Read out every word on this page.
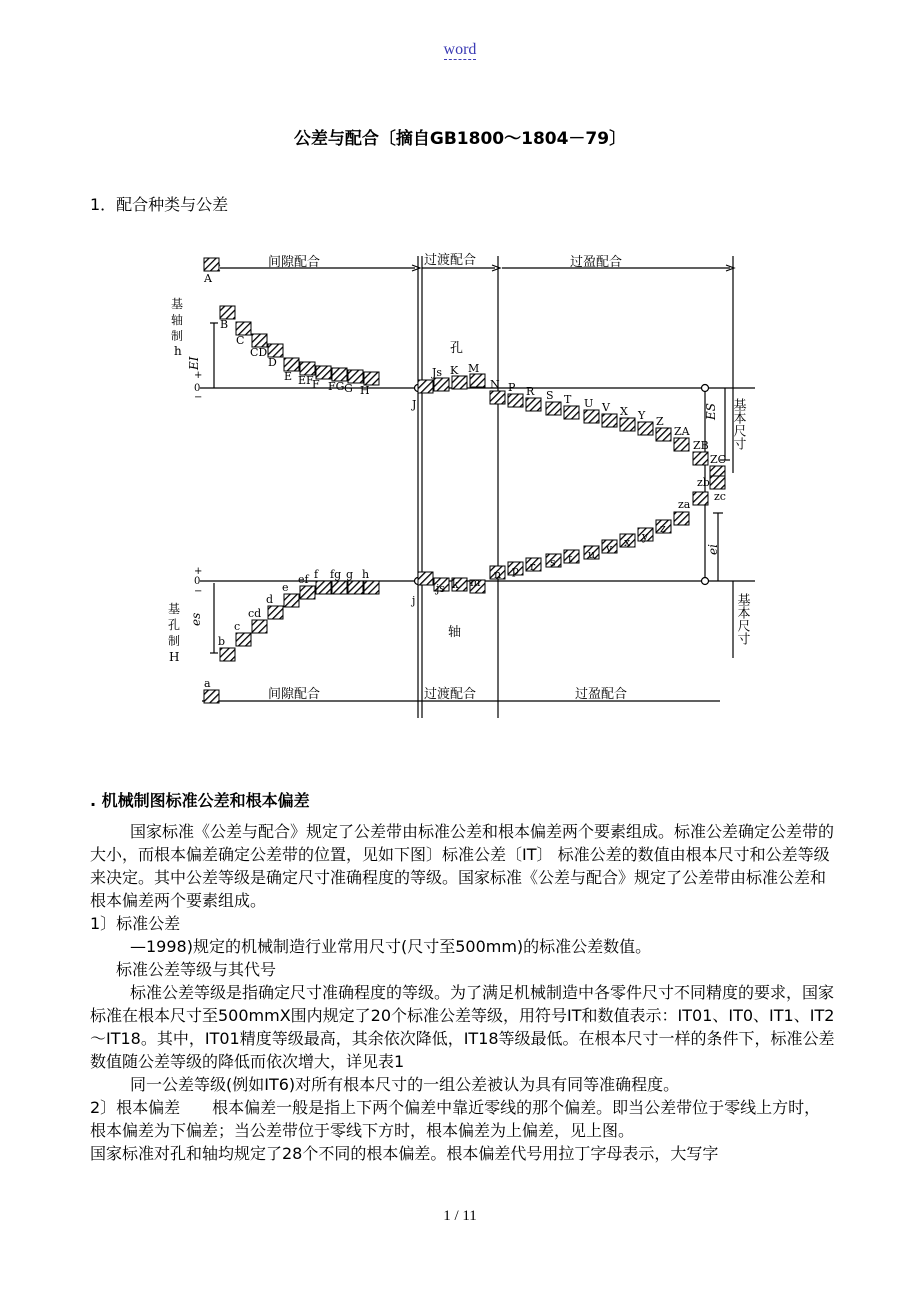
word
公差与配合〔摘自GB1800～1804－79〕
1．配合种类与公差
间隙配合	过渡配合	过盈配合
间隙配合	过渡配合	过盈配合
基
轴
制
h
基
孔
制
H
孔
轴
EI
ES
es
ei
0
+
−
0
+
−
基本尺寸
基本尺寸
A
B
C
CD
D
E EF
F FG G H
J
Js K M
N P R S T U V X Y Z
ZA
ZB
ZC
a
b
c
cd
d
e
ef f fg g h
j
js k m
n p r s t u v x y
z
za
zb
zc
. 机械制图标准公差和根本偏差

国家标准《公差与配合》规定了公差带由标准公差和根本偏差两个要素组成。标准公差确定公差带的大小，而根本偏差确定公差带的位置，见如下图〕标准公差〔IT〕 标准公差的数值由根本尺寸和公差等级来决定。其中公差等级是确定尺寸准确程度的等级。国家标准《公差与配合》规定了公差带由标准公差和根本偏差两个要素组成。

1〕标准公差

—1998)规定的机械制造行业常用尺寸(尺寸至500mm)的标准公差数值。

标准公差等级与其代号

标准公差等级是指确定尺寸准确程度的等级。为了满足机械制造中各零件尺寸不同精度的要求，国家标准在根本尺寸至500mmX围内规定了20个标准公差等级，用符号IT和数值表示：IT01、IT0、IT1、IT2～IT18。其中，IT01精度等级最高，其余依次降低，IT18等级最低。在根本尺寸一样的条件下，标准公差数值随公差等级的降低而依次增大，详见表1

同一公差等级(例如IT6)对所有根本尺寸的一组公差被认为具有同等准确程度。

2〕根本偏差　　根本偏差一般是指上下两个偏差中靠近零线的那个偏差。即当公差带位于零线上方时，根本偏差为下偏差；当公差带位于零线下方时，根本偏差为上偏差，见上图。

国家标准对孔和轴均规定了28个不同的根本偏差。根本偏差代号用拉丁字母表示，大写字

1 / 11
